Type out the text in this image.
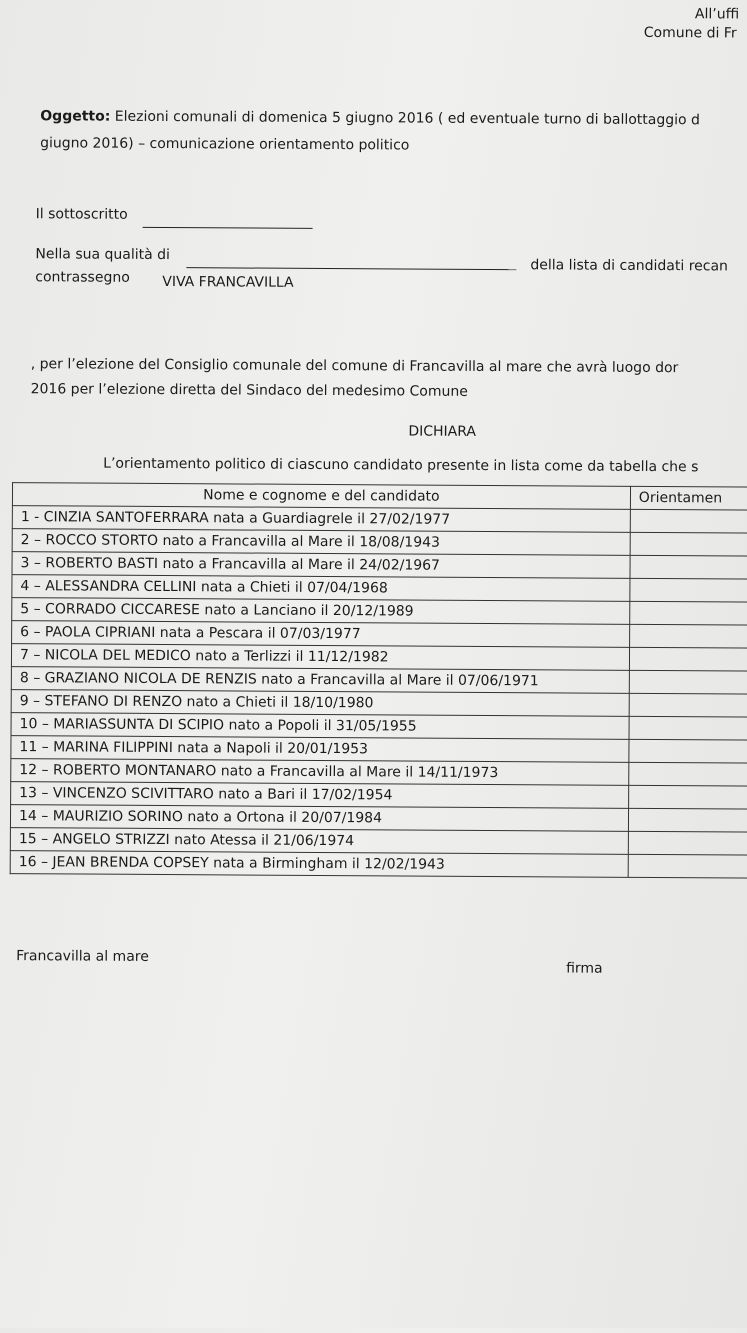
All’uffi
Comune di Fr
Oggetto: Elezioni comunali di domenica 5 giugno 2016 ( ed eventuale turno di ballottaggio d
giugno 2016) – comunicazione orientamento politico
Il sottoscritto
Nella sua qualità di
della lista di candidati recan
contrassegno VIVA FRANCAVILLA
, per l’elezione del Consiglio comunale del comune di Francavilla al mare che avrà luogo dor
2016 per l’elezione diretta del Sindaco del medesimo Comune
DICHIARA
L’orientamento politico di ciascuno candidato presente in lista come da tabella che s
Nome e cognome e del candidato	Orientamen
1 - CINZIA SANTOFERRARA nata a Guardiagrele il 27/02/1977	
2 – ROCCO STORTO nato a Francavilla al Mare il 18/08/1943	
3 – ROBERTO BASTI nato a Francavilla al Mare il 24/02/1967	
4 – ALESSANDRA CELLINI nata a Chieti il 07/04/1968	
5 – CORRADO CICCARESE nato a Lanciano il 20/12/1989	
6 – PAOLA CIPRIANI nata a Pescara il 07/03/1977	
7 – NICOLA DEL MEDICO nato a Terlizzi il 11/12/1982	
8 – GRAZIANO NICOLA DE RENZIS nato a Francavilla al Mare il 07/06/1971	
9 – STEFANO DI RENZO nato a Chieti il 18/10/1980	
10 – MARIASSUNTA DI SCIPIO nato a Popoli il 31/05/1955	
11 – MARINA FILIPPINI nata a Napoli il 20/01/1953	
12 – ROBERTO MONTANARO nato a Francavilla al Mare il 14/11/1973	
13 – VINCENZO SCIVITTARO nato a Bari il 17/02/1954	
14 – MAURIZIO SORINO nato a Ortona il 20/07/1984	
15 – ANGELO STRIZZI nato Atessa il 21/06/1974	
16 – JEAN BRENDA COPSEY nata a Birmingham il 12/02/1943	
Francavilla al mare
firma
